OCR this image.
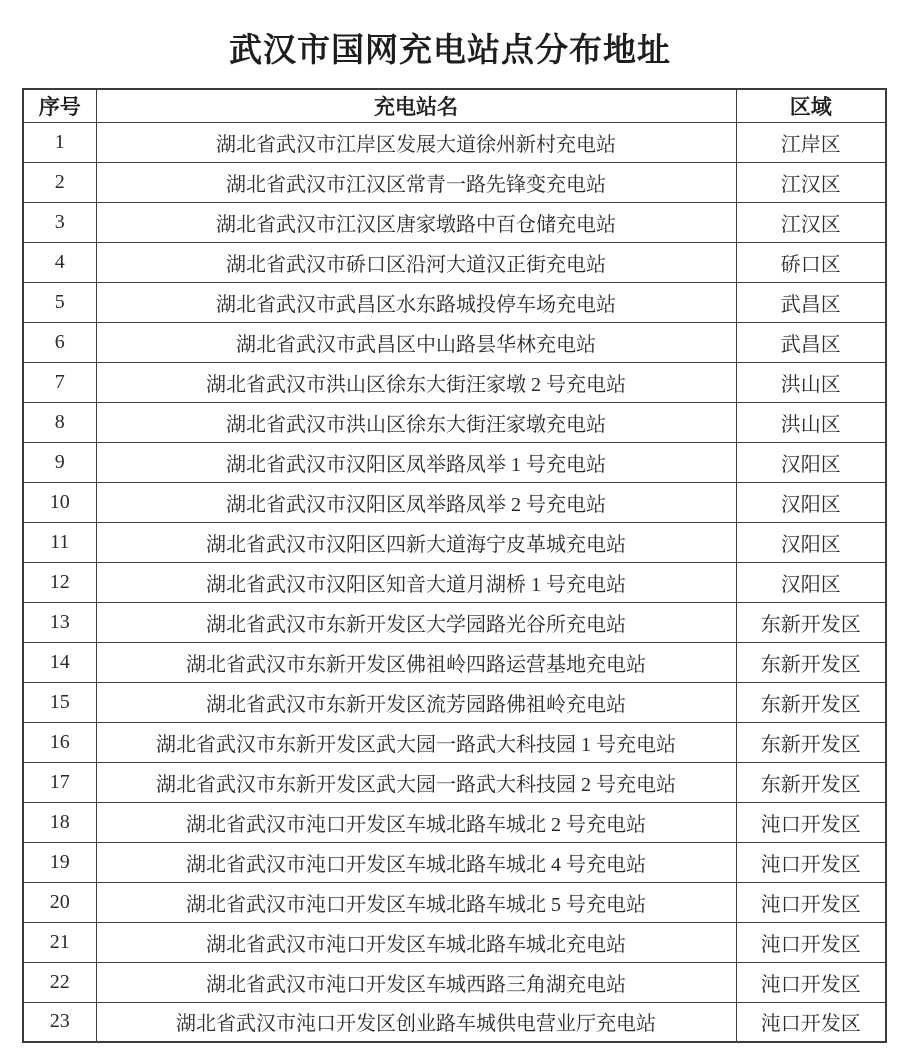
武汉市国网充电站点分布地址
序号	充电站名	区域
1	湖北省武汉市江岸区发展大道徐州新村充电站	江岸区
2	湖北省武汉市江汉区常青一路先锋变充电站	江汉区
3	湖北省武汉市江汉区唐家墩路中百仓储充电站	江汉区
4	湖北省武汉市硚口区沿河大道汉正街充电站	硚口区
5	湖北省武汉市武昌区水东路城投停车场充电站	武昌区
6	湖北省武汉市武昌区中山路昙华林充电站	武昌区
7	湖北省武汉市洪山区徐东大街汪家墩 2 号充电站	洪山区
8	湖北省武汉市洪山区徐东大街汪家墩充电站	洪山区
9	湖北省武汉市汉阳区凤举路凤举 1 号充电站	汉阳区
10	湖北省武汉市汉阳区凤举路凤举 2 号充电站	汉阳区
11	湖北省武汉市汉阳区四新大道海宁皮革城充电站	汉阳区
12	湖北省武汉市汉阳区知音大道月湖桥 1 号充电站	汉阳区
13	湖北省武汉市东新开发区大学园路光谷所充电站	东新开发区
14	湖北省武汉市东新开发区佛祖岭四路运营基地充电站	东新开发区
15	湖北省武汉市东新开发区流芳园路佛祖岭充电站	东新开发区
16	湖北省武汉市东新开发区武大园一路武大科技园 1 号充电站	东新开发区
17	湖北省武汉市东新开发区武大园一路武大科技园 2 号充电站	东新开发区
18	湖北省武汉市沌口开发区车城北路车城北 2 号充电站	沌口开发区
19	湖北省武汉市沌口开发区车城北路车城北 4 号充电站	沌口开发区
20	湖北省武汉市沌口开发区车城北路车城北 5 号充电站	沌口开发区
21	湖北省武汉市沌口开发区车城北路车城北充电站	沌口开发区
22	湖北省武汉市沌口开发区车城西路三角湖充电站	沌口开发区
23	湖北省武汉市沌口开发区创业路车城供电营业厅充电站	沌口开发区
